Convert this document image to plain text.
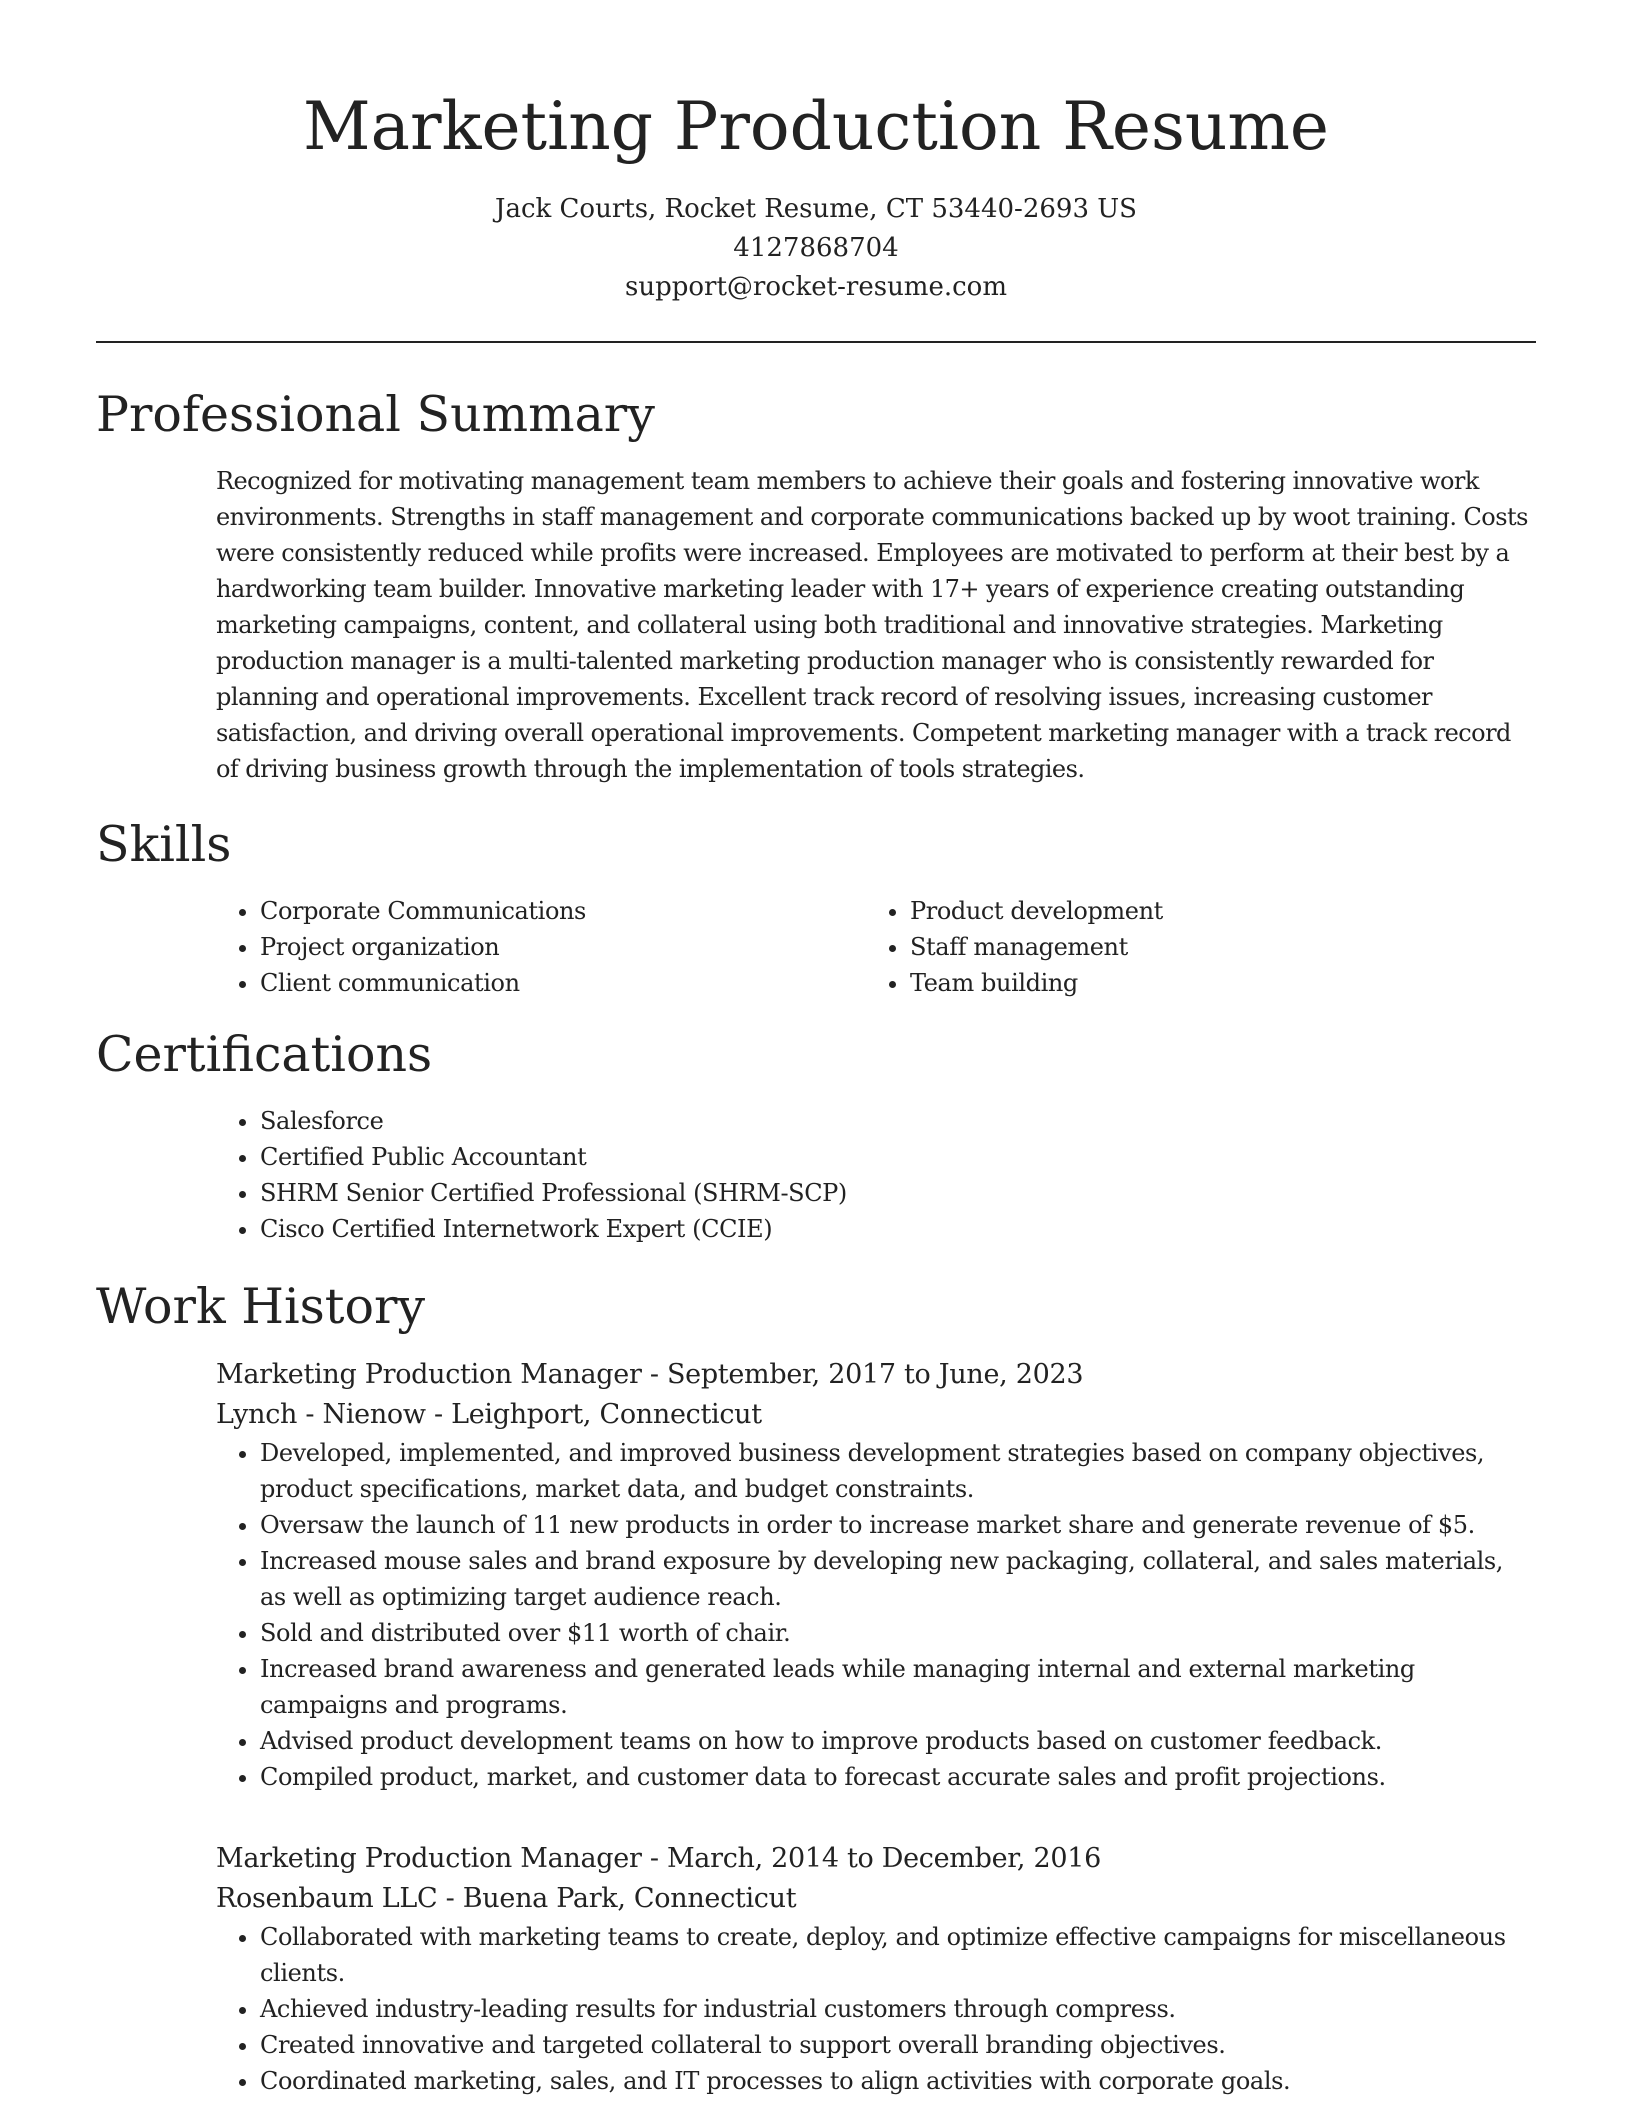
Marketing Production Resume
Jack Courts, Rocket Resume, CT 53440-2693 US
4127868704
support@rocket-resume.com
Professional Summary

Recognized for motivating management team members to achieve their goals and fostering innovative work environments. Strengths in staff management and corporate communications backed up by woot training. Costs were consistently reduced while profits were increased. Employees are motivated to perform at their best by a hardworking team builder. Innovative marketing leader with 17+ years of experience creating outstanding marketing campaigns, content, and collateral using both traditional and innovative strategies. Marketing production manager is a multi-talented marketing production manager who is consistently rewarded for planning and operational improvements. Excellent track record of resolving issues, increasing customer satisfaction, and driving overall operational improvements. Competent marketing manager with a track record of driving business growth through the implementation of tools strategies.

Skills
• Corporate Communications
• Project organization
• Client communication
• Product development
• Staff management
• Team building
Certifications
• Salesforce
• Certified Public Accountant
• SHRM Senior Certified Professional (SHRM-SCP)
• Cisco Certified Internetwork Expert (CCIE)
Work History
Marketing Production Manager - September, 2017 to June, 2023
Lynch - Nienow - Leighport, Connecticut
• Developed, implemented, and improved business development strategies based on company objectives, product specifications, market data, and budget constraints.
• Oversaw the launch of 11 new products in order to increase market share and generate revenue of $5.
• Increased mouse sales and brand exposure by developing new packaging, collateral, and sales materials, as well as optimizing target audience reach.
• Sold and distributed over $11 worth of chair.
• Increased brand awareness and generated leads while managing internal and external marketing campaigns and programs.
• Advised product development teams on how to improve products based on customer feedback.
• Compiled product, market, and customer data to forecast accurate sales and profit projections.
Marketing Production Manager - March, 2014 to December, 2016
Rosenbaum LLC - Buena Park, Connecticut
• Collaborated with marketing teams to create, deploy, and optimize effective campaigns for miscellaneous clients.
• Achieved industry-leading results for industrial customers through compress.
• Created innovative and targeted collateral to support overall branding objectives.
• Coordinated marketing, sales, and IT processes to align activities with corporate goals.
